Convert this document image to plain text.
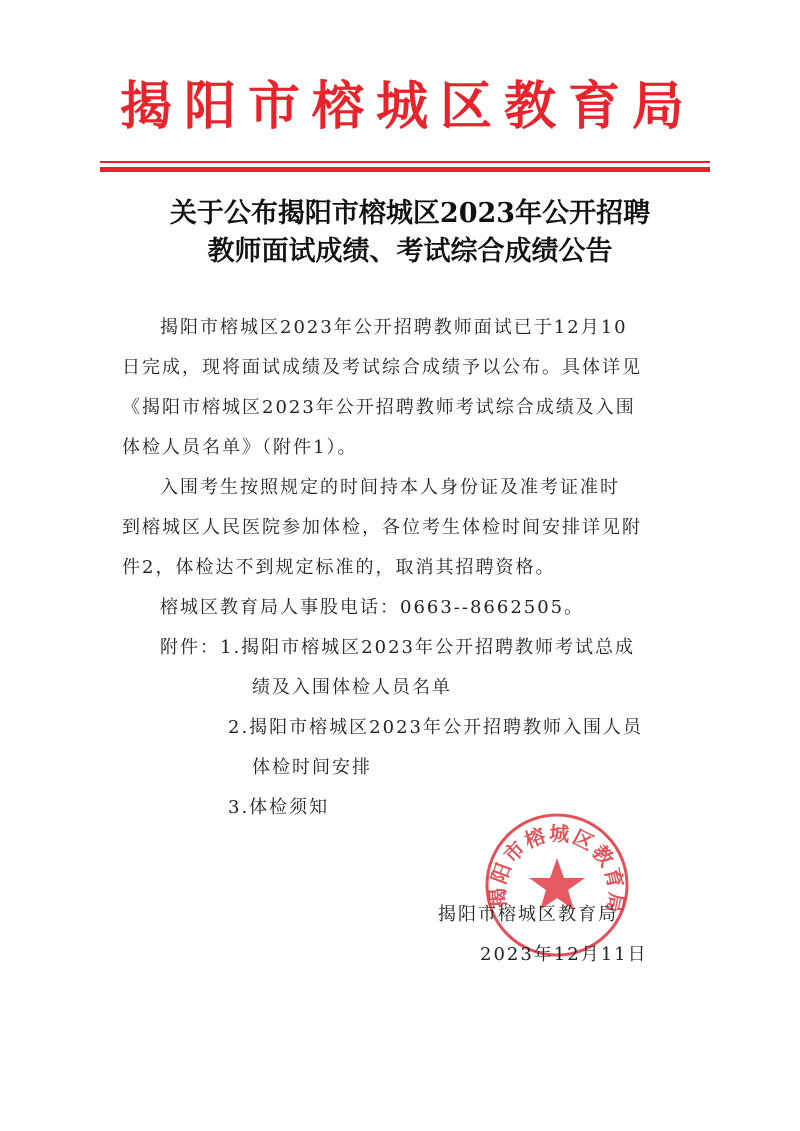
揭阳市榕城区教育局
关于公布揭阳市榕城区2023年公开招聘
教师面试成绩、考试综合成绩公告
揭阳市榕城区2023年公开招聘教师面试已于12月10
日完成，现将面试成绩及考试综合成绩予以公布。具体详见
《揭阳市榕城区2023年公开招聘教师考试综合成绩及入围
体检人员名单》（附件1）。
入围考生按照规定的时间持本人身份证及准考证准时
到榕城区人民医院参加体检，各位考生体检时间安排详见附
件2，体检达不到规定标准的，取消其招聘资格。
榕城区教育局人事股电话：0663--8662505。
附件：1.揭阳市榕城区2023年公开招聘教师考试总成
绩及入围体检人员名单
2.揭阳市榕城区2023年公开招聘教师入围人员
体检时间安排
3.体检须知
揭阳市榕城区教育局
揭阳市榕城区教育局
2023年12月11日
